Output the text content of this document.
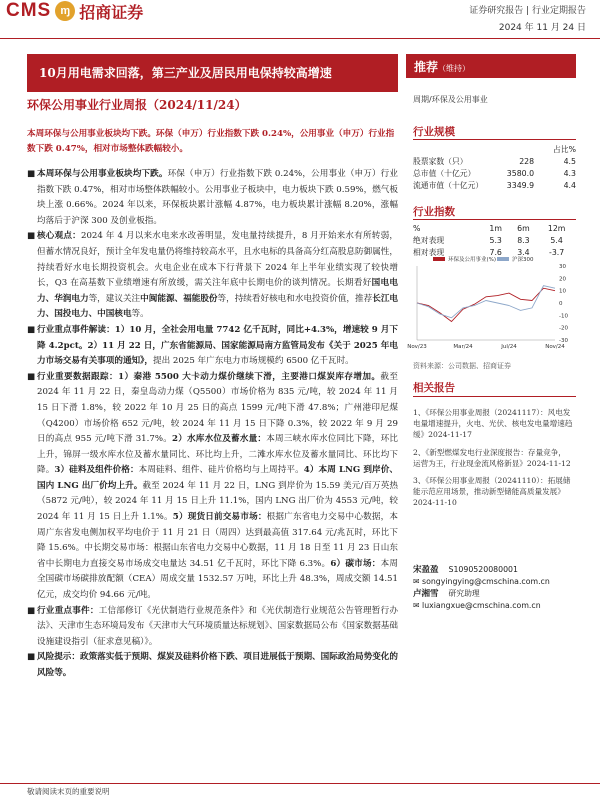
CMS ɱ 招商证券	证券研究报告 | 行业定期报告
2024 年 11 月 24 日
10月用电需求回落，第三产业及居民用电保持较高增速	推荐（维持）
环保公用事业行业周报（2024/11/24）	周期/环保及公用事业
本周环保与公用事业板块均下跌。环保（申万）行业指数下跌 0.24%，公用事业（申万）行业指数下跌 0.47%，相对市场整体跌幅较小。

■ 本周环保与公用事业板块均下跌。环保（申万）行业指数下跌 0.24%，公用事业（申万）行业指数下跌 0.47%，相对市场整体跌幅较小。公用事业子板块中，电力板块下跌 0.59%，燃气板块上涨 0.66%。2024 年以来，环保板块累计涨幅 4.87%，电力板块累计涨幅 8.20%，涨幅均落后于沪深 300 及创业板指。

■ 核心观点：2024 年 4 月以来水电来水改善明显，发电量持续提升，8 月开始来水有所转弱，但蓄水情况良好，预计全年发电量仍将维持较高水平，且水电标的具备高分红高股息防御属性，持续看好水电长期投资机会。火电企业在成本下行背景下 2024 年上半年业绩实现了较快增长，Q3 在高基数下业绩增速有所放缓，需关注年底中长期电价的谈判情况。长期看好国电电力、华润电力等，建议关注中闽能源、福能股份等，持续看好核电和水电投资价值，推荐长江电力、国投电力、中国核电等。

■ 行业重点事件解读：1）10 月，全社会用电量 7742 亿千瓦时，同比+4.3%，增速较 9 月下降 4.2pct。2）11 月 22 日，广东省能源局、国家能源局南方监管局发布《关于 2025 年电力市场交易有关事项的通知》，提出 2025 年广东电力市场规模约 6500 亿千瓦时。

■ 行业重要数据跟踪：1）秦港 5500 大卡动力煤价继续下滑，主要港口煤炭库存增加。截至 2024 年 11 月 22 日，秦皇岛动力煤（Q5500）市场价格为 835 元/吨，较 2024 年 11 月 15 日下滑 1.8%，较 2022 年 10 月 25 日的高点 1599 元/吨下滑 47.8%；广州港印尼煤（Q4200）市场价格 652 元/吨，较 2024 年 11 月 15 日下降 0.3%，较 2022 年 9 月 29 日的高点 955 元/吨下滑 31.7%。2）水库水位及蓄水量：本周三峡水库水位同比下降，环比上升，锦屏一级水库水位及蓄水量同比、环比均上升，二滩水库水位及蓄水量同比、环比均下降。3）硅料及组件价格：本周硅料、组件、硅片价格均与上周持平。4）本周 LNG 到岸价、国内 LNG 出厂价均上升。截至 2024 年 11 月 22 日，LNG 到岸价为 15.59 美元/百万英热（5872 元/吨），较 2024 年 11 月 15 日上升 11.1%，国内 LNG 出厂价为 4553 元/吨，较 2024 年 11 月 15 日上升 1.1%。5）现货日前交易市场：根据广东省电力交易中心数据，本周广东省发电侧加权平均电价于 11 月 21 日（周四）达到最高值 317.64 元/兆瓦时，环比下降 15.6%。中长期交易市场：根据山东省电力交易中心数据，11 月 18 日至 11 月 23 日山东省中长期电力直接交易市场成交电量达 34.51 亿千瓦时，环比下降 6.3%。6）碳市场：本周全国碳市场碳排放配额（CEA）周成交量 1532.57 万吨，环比上升 48.3%，周成交额 14.51 亿元，成交均价 94.66 元/吨。

■ 行业重点事件：工信部修订《光伏制造行业规范条件》和《光伏制造行业规范公告管理暂行办法》、天津市生态环境局发布《天津市大气环境质量达标规划》、国家数据局公布《国家数据基础设施建设指引（征求意见稿）》。

■ 风险提示：政策落实低于预期、煤炭及硅料价格下跌、项目进展低于预期、国际政治局势变化的风险等。

行业规模
		占比%
股票家数（只）	228	4.5
总市值（十亿元）	3580.0	4.3
流通市值（十亿元）	3349.9	4.4
行业指数
%	1m	6m	12m
绝对表现	5.3	8.3	5.4
相对表现	7.6	3.4	-3.7
30
20
10
0
-10
-20
-30
Nov/23	Mar/24	Jul/24	Nov/24
环保及公用事业(%)	沪深300
资料来源：公司数据、招商证券
相关报告
1、《环保公用事业周报（20241117）：风电发电量增速提升，火电、光伏、核电发电量增速趋缓》2024-11-17
2、《新型燃煤发电行业深度报告：存量竞争，运营为王，行业现金流风格新显》2024-11-12
3、《环保公用事业周报（20241110）：拓展储能示范应用场景，推动新型储能高质量发展》2024-11-10
宋盈盈 S1090520080001
✉ songyingying@cmschina.com.cn
卢湘雪 研究助理
✉ luxiangxue@cmschina.com.cn
敬请阅读末页的重要说明
